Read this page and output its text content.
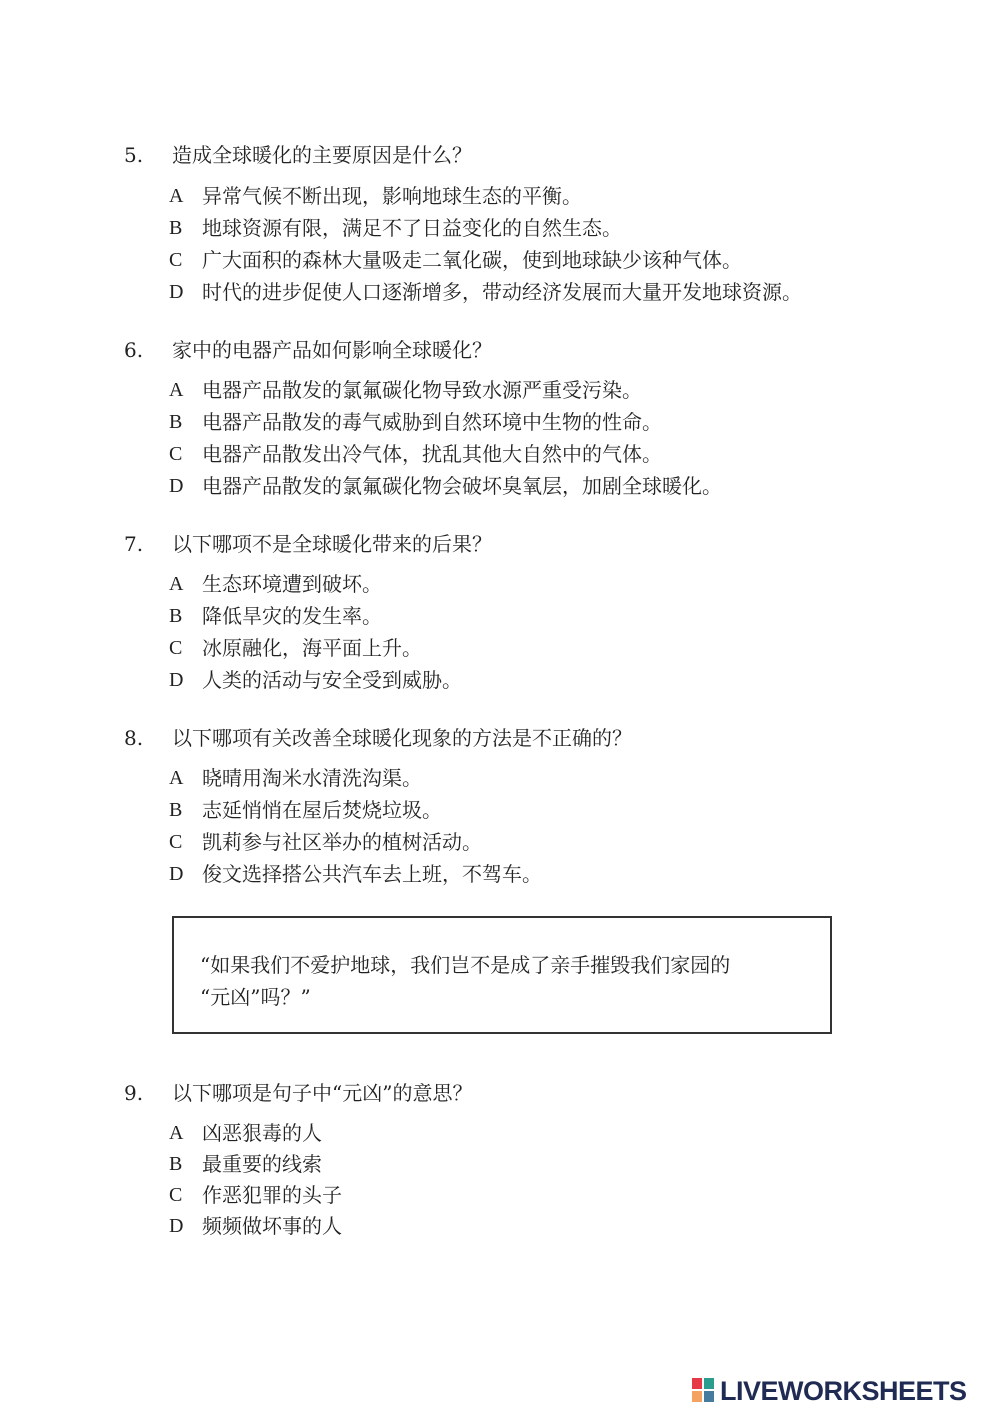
5. 造成全球暖化的主要原因是什么？
A 异常气候不断出现，影响地球生态的平衡。
B 地球资源有限，满足不了日益变化的自然生态。
C 广大面积的森林大量吸走二氧化碳，使到地球缺少该种气体。
D 时代的进步促使人口逐渐增多，带动经济发展而大量开发地球资源。
6. 家中的电器产品如何影响全球暖化？
A 电器产品散发的氯氟碳化物导致水源严重受污染。
B 电器产品散发的毒气威胁到自然环境中生物的性命。
C 电器产品散发出冷气体，扰乱其他大自然中的气体。
D 电器产品散发的氯氟碳化物会破坏臭氧层，加剧全球暖化。
7. 以下哪项不是全球暖化带来的后果？
A 生态环境遭到破坏。
B 降低旱灾的发生率。
C 冰原融化，海平面上升。
D 人类的活动与安全受到威胁。
8. 以下哪项有关改善全球暖化现象的方法是不正确的？
A 晓晴用淘米水清洗沟渠。
B 志延悄悄在屋后焚烧垃圾。
C 凯莉参与社区举办的植树活动。
D 俊文选择搭公共汽车去上班，不驾车。
“如果我们不爱护地球，我们岂不是成了亲手摧毁我们家园的
“元凶”吗？”
9. 以下哪项是句子中“元凶”的意思？
A 凶恶狠毒的人
B 最重要的线索
C 作恶犯罪的头子
D 频频做坏事的人
LIVEWORKSHEETS
